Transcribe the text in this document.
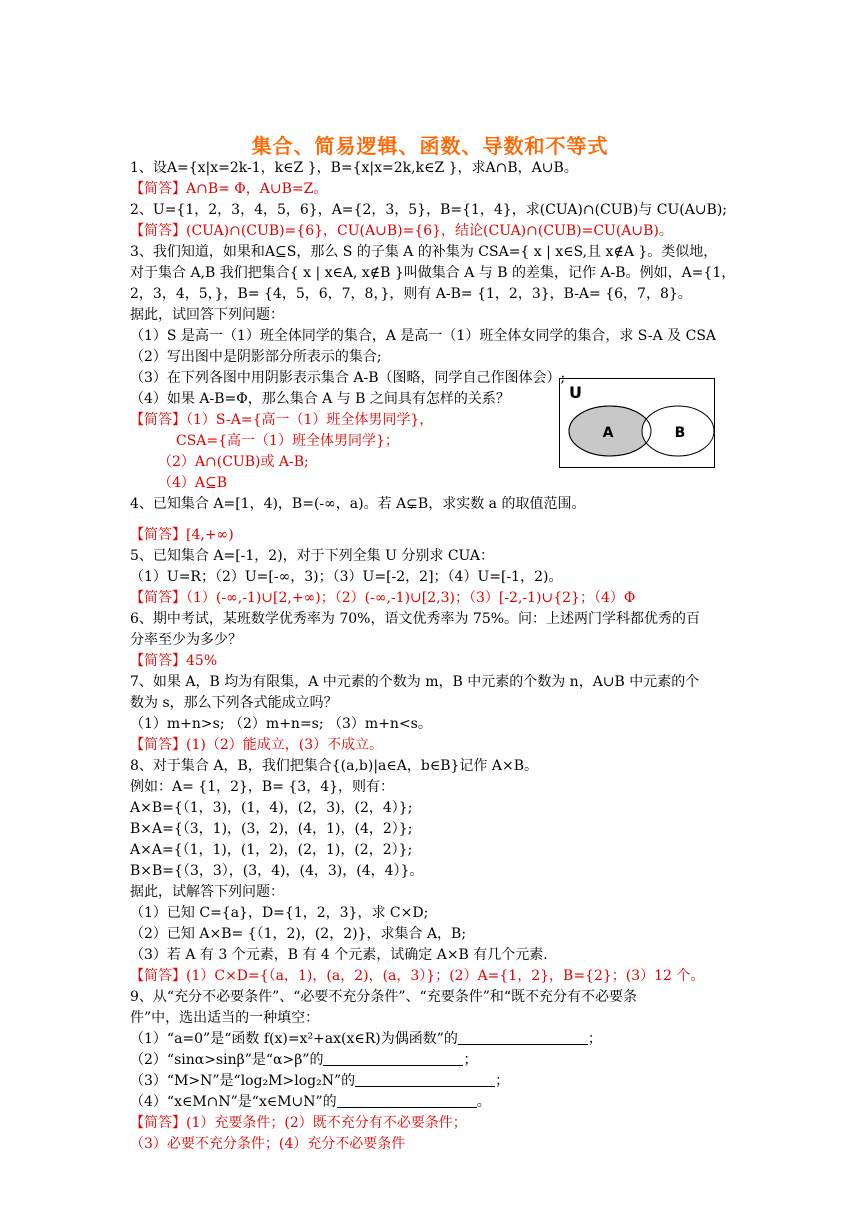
集合、简易逻辑、函数、导数和不等式
1、设A={x|x=2k-1，k∈Z }，B={x|x=2k,k∈Z }，求A∩B，A∪B。
【简答】A∩B= Φ，A∪B=Z。
2、U={1，2，3，4，5，6}，A={2，3，5}，B={1，4}，求(CUA)∩(CUB)与 CU(A∪B);
【简答】(CUA)∩(CUB)={6}，CU(A∪B)={6}，结论(CUA)∩(CUB)=CU(A∪B)。
3、我们知道，如果和A⊆S，那么 S 的子集 A 的补集为 CSA={ x | x∈S,且 x∉A }。类似地，
对于集合 A,B 我们把集合{ x | x∈A, x∉B }叫做集合 A 与 B 的差集，记作 A-B。例如，A={1，
2，3，4，5，}，B= {4，5，6，7，8，}，则有 A-B= {1，2，3}，B-A= {6，7，8}。
据此，试回答下列问题：
（1）S 是高一（1）班全体同学的集合，A 是高一（1）班全体女同学的集合，求 S-A 及 CSA
（2）写出图中是阴影部分所表示的集合;
（3）在下列各图中用阴影表示集合 A-B（图略，同学自己作图体会）;
（4）如果 A-B=Φ，那么集合 A 与 B 之间具有怎样的关系？
【简答】（1）S-A={高一（1）班全体男同学}，
CSA={高一（1）班全体男同学}；
（2）A∩(CUB)或 A-B;
（4）A⊆B
4、已知集合 A=[1，4)，B=(-∞，a)。若 A⊊B，求实数 a 的取值范围。
【简答】[4,+∞)
5、已知集合 A=[-1，2)，对于下列全集 U 分别求 CUA：
（1）U=R；（2）U=[-∞，3)；（3）U=[-2，2]；（4）U=[-1，2)。
【简答】（1）(-∞,-1)∪[2,+∞)；（2）(-∞,-1)∪[2,3)；（3）[-2,-1)∪{2}；（4）Φ
6、期中考试，某班数学优秀率为 70%，语文优秀率为 75%。问：上述两门学科都优秀的百
分率至少为多少？
【简答】45%
7、如果 A，B 均为有限集，A 中元素的个数为 m，B 中元素的个数为 n，A∪B 中元素的个
数为 s，那么下列各式能成立吗？
（1）m+n>s; （2）m+n=s; （3）m+n<s。
【简答】(1)（2）能成立，(3）不成立。
8、对于集合 A，B，我们把集合{(a,b)|a∈A，b∈B}记作 A×B。
例如：A= {1，2}，B= {3，4}，则有：
A×B={（1，3)，(1，4)，(2，3)，(2，4）};
B×A={（3，1)，(3，2)，(4，1)，(4，2）};
A×A={（1，1)，(1，2)，(2，1)，(2，2）};
B×B={（3，3），(3，4)，(4，3)，(4，4）}。
据此，试解答下列问题：
（1）已知 C={a}，D={1，2，3}，求 C×D;
（2）已知 A×B= {（1，2)，(2，2)}，求集合 A，B;
（3）若 A 有 3 个元素，B 有 4 个元素，试确定 A×B 有几个元素.
【简答】(1）C×D={（a，1)，(a，2)，(a，3）}；(2）A={1，2}，B={2}；(3）12 个。
9、从“充分不必要条件”、“必要不充分条件”、“充要条件”和“既不充分有不必要条
件”中，选出适当的一种填空：
（1）“a=0”是“函数 f(x)=x²+ax(x∈R)为偶函数”的	；
（2）“sinα>sinβ”是“α>β”的	；
（3）“M>N”是“log₂M>log₂N”的	；
（4）“x∈M∩N”是“x∈M∪N”的	。
【简答】(1）充要条件；(2）既不充分有不必要条件；
（3）必要不充分条件；(4）充分不必要条件
U
A	B
